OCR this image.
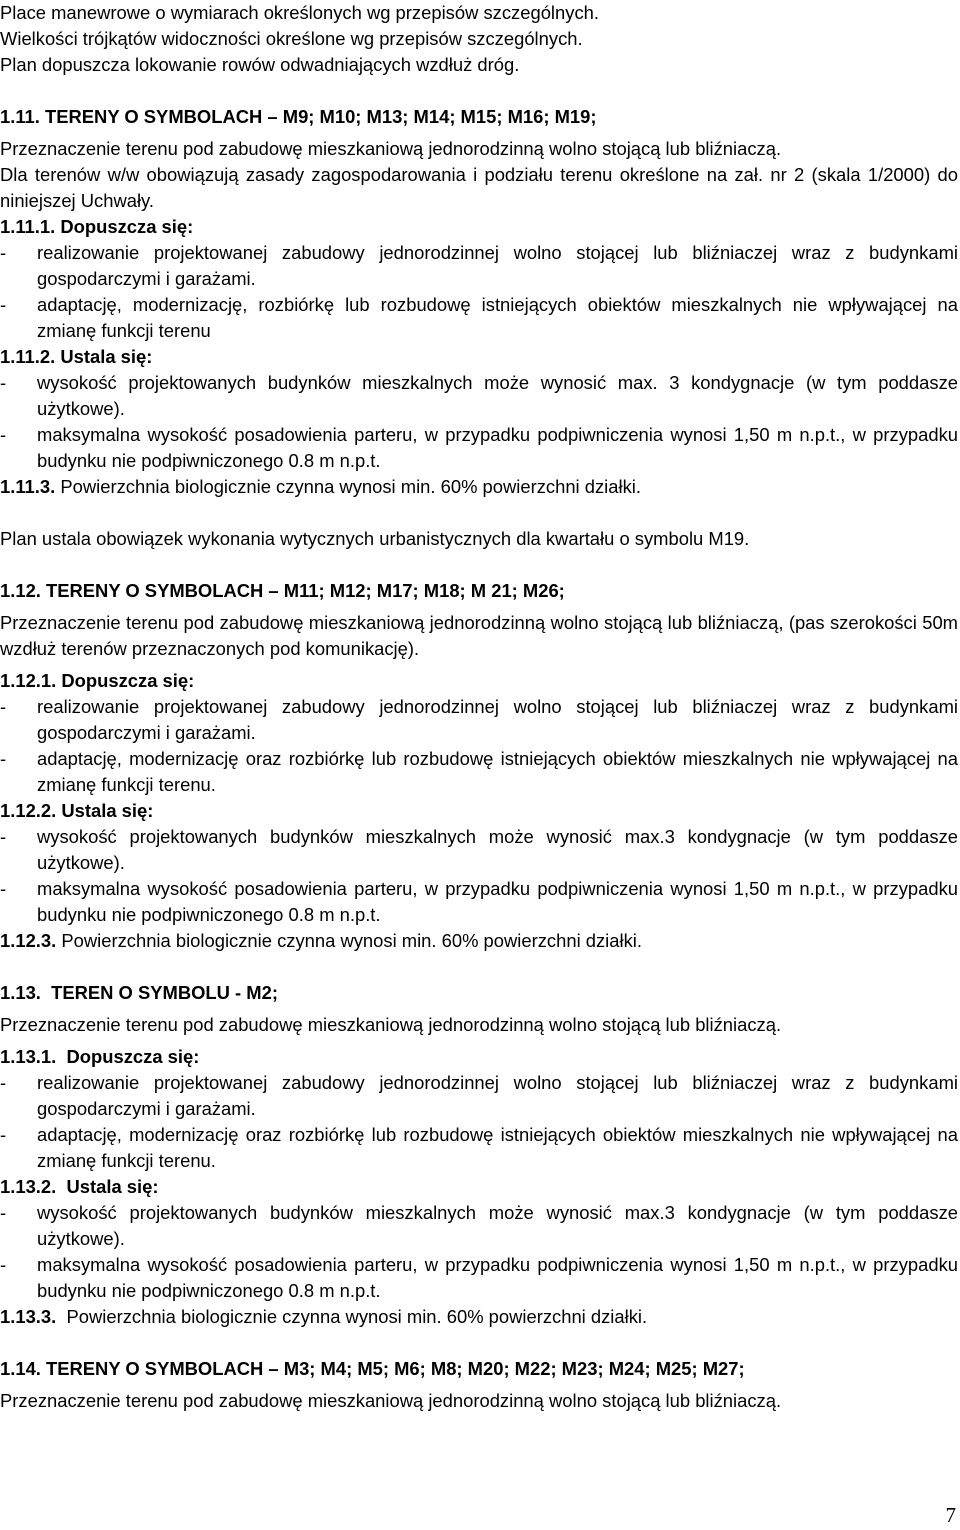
Place manewrowe o wymiarach określonych wg przepisów szczególnych.

Wielkości trójkątów widoczności określone wg przepisów szczególnych.

Plan dopuszcza lokowanie rowów odwadniających wzdłuż dróg.

1.11. TERENY O SYMBOLACH – M9; M10; M13; M14; M15; M16; M19;

Przeznaczenie terenu pod zabudowę mieszkaniową jednorodzinną wolno stojącą lub bliźniaczą.

Dla terenów w/w obowiązują zasady zagospodarowania i podziału terenu określone na zał. nr 2 (skala 1/2000) do niniejszej Uchwały.

1.11.1. Dopuszcza się:

- realizowanie projektowanej zabudowy jednorodzinnej wolno stojącej lub bliźniaczej wraz z budynkami gospodarczymi i garażami.
- adaptację, modernizację, rozbiórkę lub rozbudowę istniejących obiektów mieszkalnych nie wpływającej na zmianę funkcji terenu

1.11.2. Ustala się:

- wysokość projektowanych budynków mieszkalnych może wynosić max. 3 kondygnacje (w tym poddasze użytkowe).
- maksymalna wysokość posadowienia parteru, w przypadku podpiwniczenia wynosi 1,50 m n.p.t., w przypadku budynku nie podpiwniczonego 0.8 m n.p.t.

1.11.3. Powierzchnia biologicznie czynna wynosi min. 60% powierzchni działki.

Plan ustala obowiązek wykonania wytycznych urbanistycznych dla kwartału o symbolu M19.

1.12. TERENY O SYMBOLACH – M11; M12; M17; M18; M 21; M26;

Przeznaczenie terenu pod zabudowę mieszkaniową jednorodzinną wolno stojącą lub bliźniaczą, (pas szerokości 50m wzdłuż terenów przeznaczonych pod komunikację).

1.12.1. Dopuszcza się:

- realizowanie projektowanej zabudowy jednorodzinnej wolno stojącej lub bliźniaczej wraz z budynkami gospodarczymi i garażami.
- adaptację, modernizację oraz rozbiórkę lub rozbudowę istniejących obiektów mieszkalnych nie wpływającej na zmianę funkcji terenu.

1.12.2. Ustala się:

- wysokość projektowanych budynków mieszkalnych może wynosić max.3 kondygnacje (w tym poddasze użytkowe).
- maksymalna wysokość posadowienia parteru, w przypadku podpiwniczenia wynosi 1,50 m n.p.t., w przypadku budynku nie podpiwniczonego 0.8 m n.p.t.

1.12.3. Powierzchnia biologicznie czynna wynosi min. 60% powierzchni działki.

1.13.  TEREN O SYMBOLU - M2;

Przeznaczenie terenu pod zabudowę mieszkaniową jednorodzinną wolno stojącą lub bliźniaczą.

1.13.1. Dopuszcza się:

- realizowanie projektowanej zabudowy jednorodzinnej wolno stojącej lub bliźniaczej wraz z budynkami gospodarczymi i garażami.
- adaptację, modernizację oraz rozbiórkę lub rozbudowę istniejących obiektów mieszkalnych nie wpływającej na zmianę funkcji terenu.

1.13.2. Ustala się:

- wysokość projektowanych budynków mieszkalnych może wynosić max.3 kondygnacje (w tym poddasze użytkowe).
- maksymalna wysokość posadowienia parteru, w przypadku podpiwniczenia wynosi 1,50 m n.p.t., w przypadku budynku nie podpiwniczonego 0.8 m n.p.t.

1.13.3. Powierzchnia biologicznie czynna wynosi min. 60% powierzchni działki.

1.14. TERENY O SYMBOLACH – M3; M4; M5; M6; M8; M20; M22; M23; M24; M25; M27;

Przeznaczenie terenu pod zabudowę mieszkaniową jednorodzinną wolno stojącą lub bliźniaczą.

7
